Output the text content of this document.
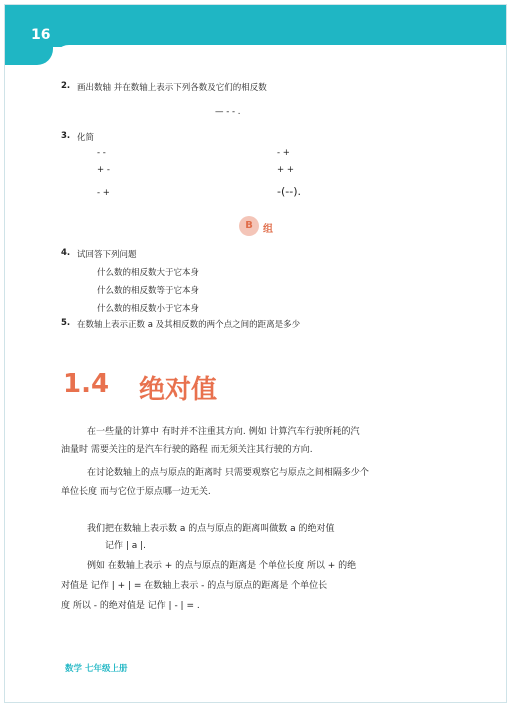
16
2. 画出数轴 并在数轴上表示下列各数及它们的相反数
— - - .
3. 化简
- -	- +
+ -	+ +
- +	-(--).
B	组
4. 试回答下列问题
什么数的相反数大于它本身
什么数的相反数等于它本身
什么数的相反数小于它本身
5. 在数轴上表示正数 a 及其相反数的两个点之间的距离是多少
1.4 绝对值
在一些量的计算中 有时并不注重其方向. 例如 计算汽车行驶所耗的汽
油量时 需要关注的是汽车行驶的路程 而无须关注其行驶的方向.
在讨论数轴上的点与原点的距离时 只需要观察它与原点之间相隔多少个
单位长度 而与它位于原点哪一边无关.
我们把在数轴上表示数 a 的点与原点的距离叫做数 a 的绝对值
记作 | a |.
例如 在数轴上表示 + 的点与原点的距离是 个单位长度 所以 + 的绝
对值是 记作 | + | = 在数轴上表示 - 的点与原点的距离是 个单位长
度 所以 - 的绝对值是 记作 | - | = .
数学 七年级上册
